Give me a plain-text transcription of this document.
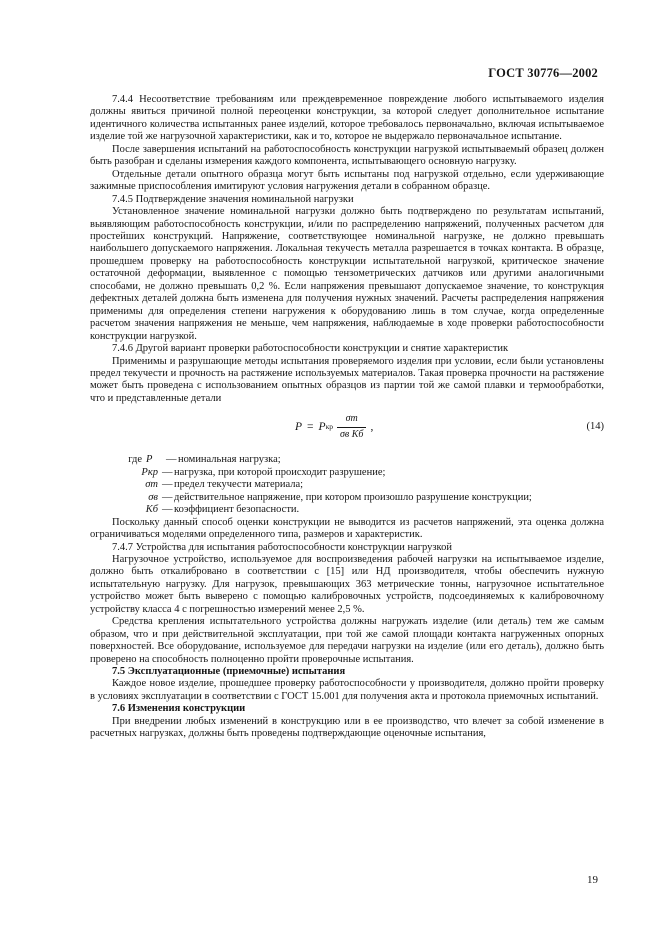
ГОСТ 30776—2002

7.4.4 Несоответствие требованиям или преждевременное повреждение любого испытываемого изделия должны явиться причиной полной переоценки конструкции, за которой следует дополнительное испытание идентичного количества испытанных ранее изделий, которое требовалось первоначально, включая испытываемое изделие той же нагрузочной характеристики, как и то, которое не выдержало первоначальное испытание.

После завершения испытаний на работоспособность конструкции нагрузкой испытываемый образец должен быть разобран и сделаны измерения каждого компонента, испытывающего основную нагрузку.

Отдельные детали опытного образца могут быть испытаны под нагрузкой отдельно, если удерживающие зажимные приспособления имитируют условия нагружения детали в собранном образце.

7.4.5 Подтверждение значения номинальной нагрузки

Установленное значение номинальной нагрузки должно быть подтверждено по результатам испытаний, выявляющим работоспособность конструкции, и/или по распределению напряжений, полученных расчетом для простейших конструкций. Напряжение, соответствующее номинальной нагрузке, не должно превышать наибольшего допускаемого напряжения. Локальная текучесть металла разрешается в точках контакта. В образце, прошедшем проверку на работоспособность конструкции испытательной нагрузкой, критическое значение остаточной деформации, выявленное с помощью тензометрических датчиков или другими аналогичными способами, не должно превышать 0,2 %. Если напряжения превышают допускаемое значение, то конструкция дефектных деталей должна быть изменена для получения нужных значений. Расчеты распределения напряжения применимы для определения степени нагружения к оборудованию лишь в том случае, когда определенные расчетом значения напряжения не меньше, чем напряжения, наблюдаемые в ходе проверки работоспособности конструкции нагрузкой.

7.4.6 Другой вариант проверки работоспособности конструкции и снятие характеристик

Применимы и разрушающие методы испытания проверяемого изделия при условии, если были установлены предел текучести и прочность на растяжение используемых материалов. Такая проверка прочности на растяжение может быть проведена с использованием опытных образцов из партии той же самой плавки и термообработки, что и представленные детали

P = P кр $\frac{\sigma т}{\text{σв Kб}}$ ,	(14)
где P	— номинальная нагрузка;
Pкр — нагрузка, при которой происходит разрушение;
σт — предел текучести материала;
σв — действительное напряжение, при котором произошло разрушение конструкции;
Kб — коэффициент безопасности.

Поскольку данный способ оценки конструкции не выводится из расчетов напряжений, эта оценка должна ограничиваться моделями определенного типа, размеров и характеристик.

7.4.7 Устройства для испытания работоспособности конструкции нагрузкой

Нагрузочное устройство, используемое для воспроизведения рабочей нагрузки на испытываемое изделие, должно быть откалибровано в соответствии с [15] или НД производителя, чтобы обеспечить нужную испытательную нагрузку. Для нагрузок, превышающих 363 метрические тонны, нагрузочное испытательное устройство может быть выверено с помощью калибровочных устройств, подсоединяемых к калибровочному устройству класса 4 с погрешностью измерений менее 2,5 %.

Средства крепления испытательного устройства должны нагружать изделие (или деталь) тем же самым образом, что и при действительной эксплуатации, при той же самой площади контакта нагруженных опорных поверхностей. Все оборудование, используемое для передачи нагрузки на изделие (или его деталь), должно быть проверено на способность полноценно пройти проверочные испытания.

7.5 Эксплуатационные (приемочные) испытания

Каждое новое изделие, прошедшее проверку работоспособности у производителя, должно пройти проверку в условиях эксплуатации в соответствии с ГОСТ 15.001 для получения акта и протокола приемочных испытаний.

7.6 Изменения конструкции

При внедрении любых изменений в конструкцию или в ее производство, что влечет за собой изменение в расчетных нагрузках, должны быть проведены подтверждающие оценочные испытания,

19
